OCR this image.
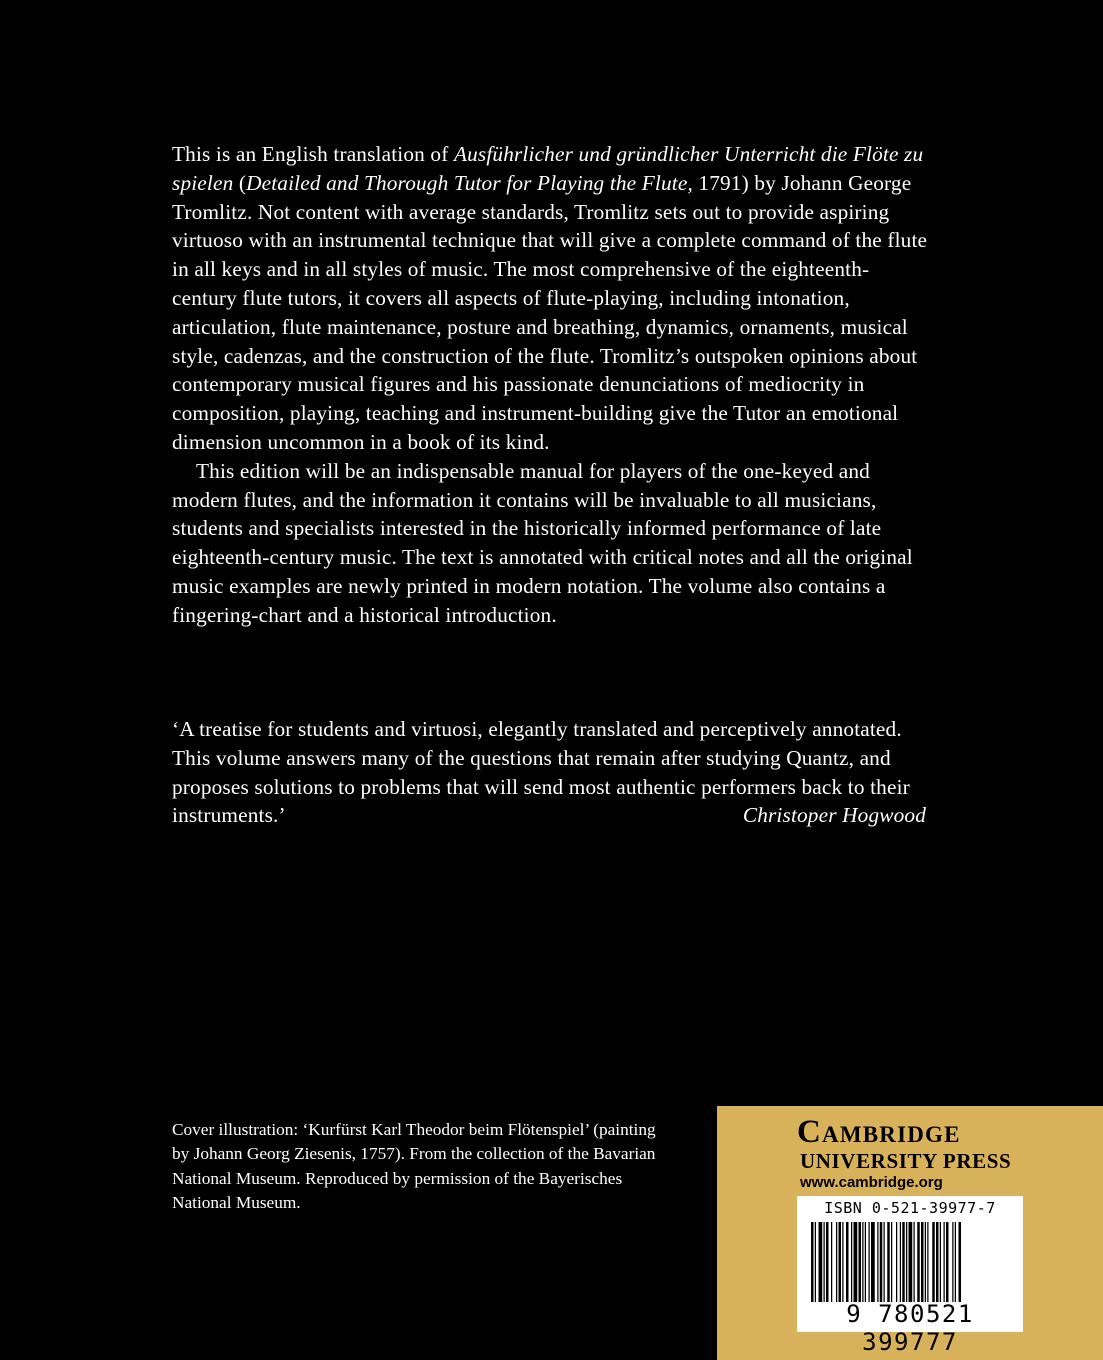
This is an English translation of Ausführlicher und gründlicher Unterricht die Flöte zu spielen (Detailed and Thorough Tutor for Playing the Flute, 1791) by Johann George Tromlitz. Not content with average standards, Tromlitz sets out to provide aspiring virtuoso with an instrumental technique that will give a complete command of the flute in all keys and in all styles of music. The most comprehensive of the eighteenth-century flute tutors, it covers all aspects of flute-playing, including intonation, articulation, flute maintenance, posture and breathing, dynamics, ornaments, musical style, cadenzas, and the construction of the flute. Tromlitz’s outspoken opinions about contemporary musical figures and his passionate denunciations of mediocrity in composition, playing, teaching and instrument-building give the Tutor an emotional dimension uncommon in a book of its kind.

This edition will be an indispensable manual for players of the one-keyed and modern flutes, and the information it contains will be invaluable to all musicians, students and specialists interested in the historically informed performance of late eighteenth-century music. The text is annotated with critical notes and all the original music examples are newly printed in modern notation. The volume also contains a fingering-chart and a historical introduction.

‘A treatise for students and virtuosi, elegantly translated and perceptively annotated. This volume answers many of the questions that remain after studying Quantz, and proposes solutions to problems that will send most authentic performers back to their instruments.’	Christoper Hogwood
Cover illustration: ‘Kurfürst Karl Theodor beim Flötenspiel’ (painting by Johann Georg Ziesenis, 1757). From the collection of the Bavarian National Museum. Reproduced by permission of the Bayerisches National Museum.
Cambridge
UNIVERSITY PRESS
www.cambridge.org
ISBN 0-521-39977-7
9 780521 399777
